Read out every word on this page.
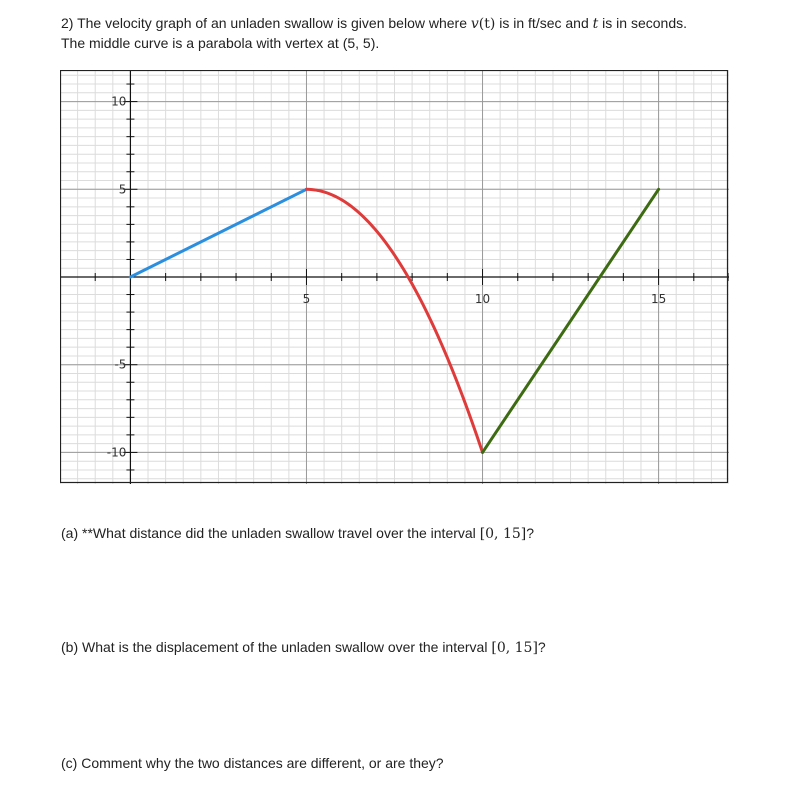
2) The velocity graph of an unladen swallow is given below where v(t) is in ft/sec and t is in seconds.

The middle curve is a parabola with vertex at (5, 5).

5	10	15
10
5
-5
-10

(a) **What distance did the unladen swallow travel over the interval [0, 15]?

(b) What is the displacement of the unladen swallow over the interval [0, 15]?

(c) Comment why the two distances are different, or are they?
